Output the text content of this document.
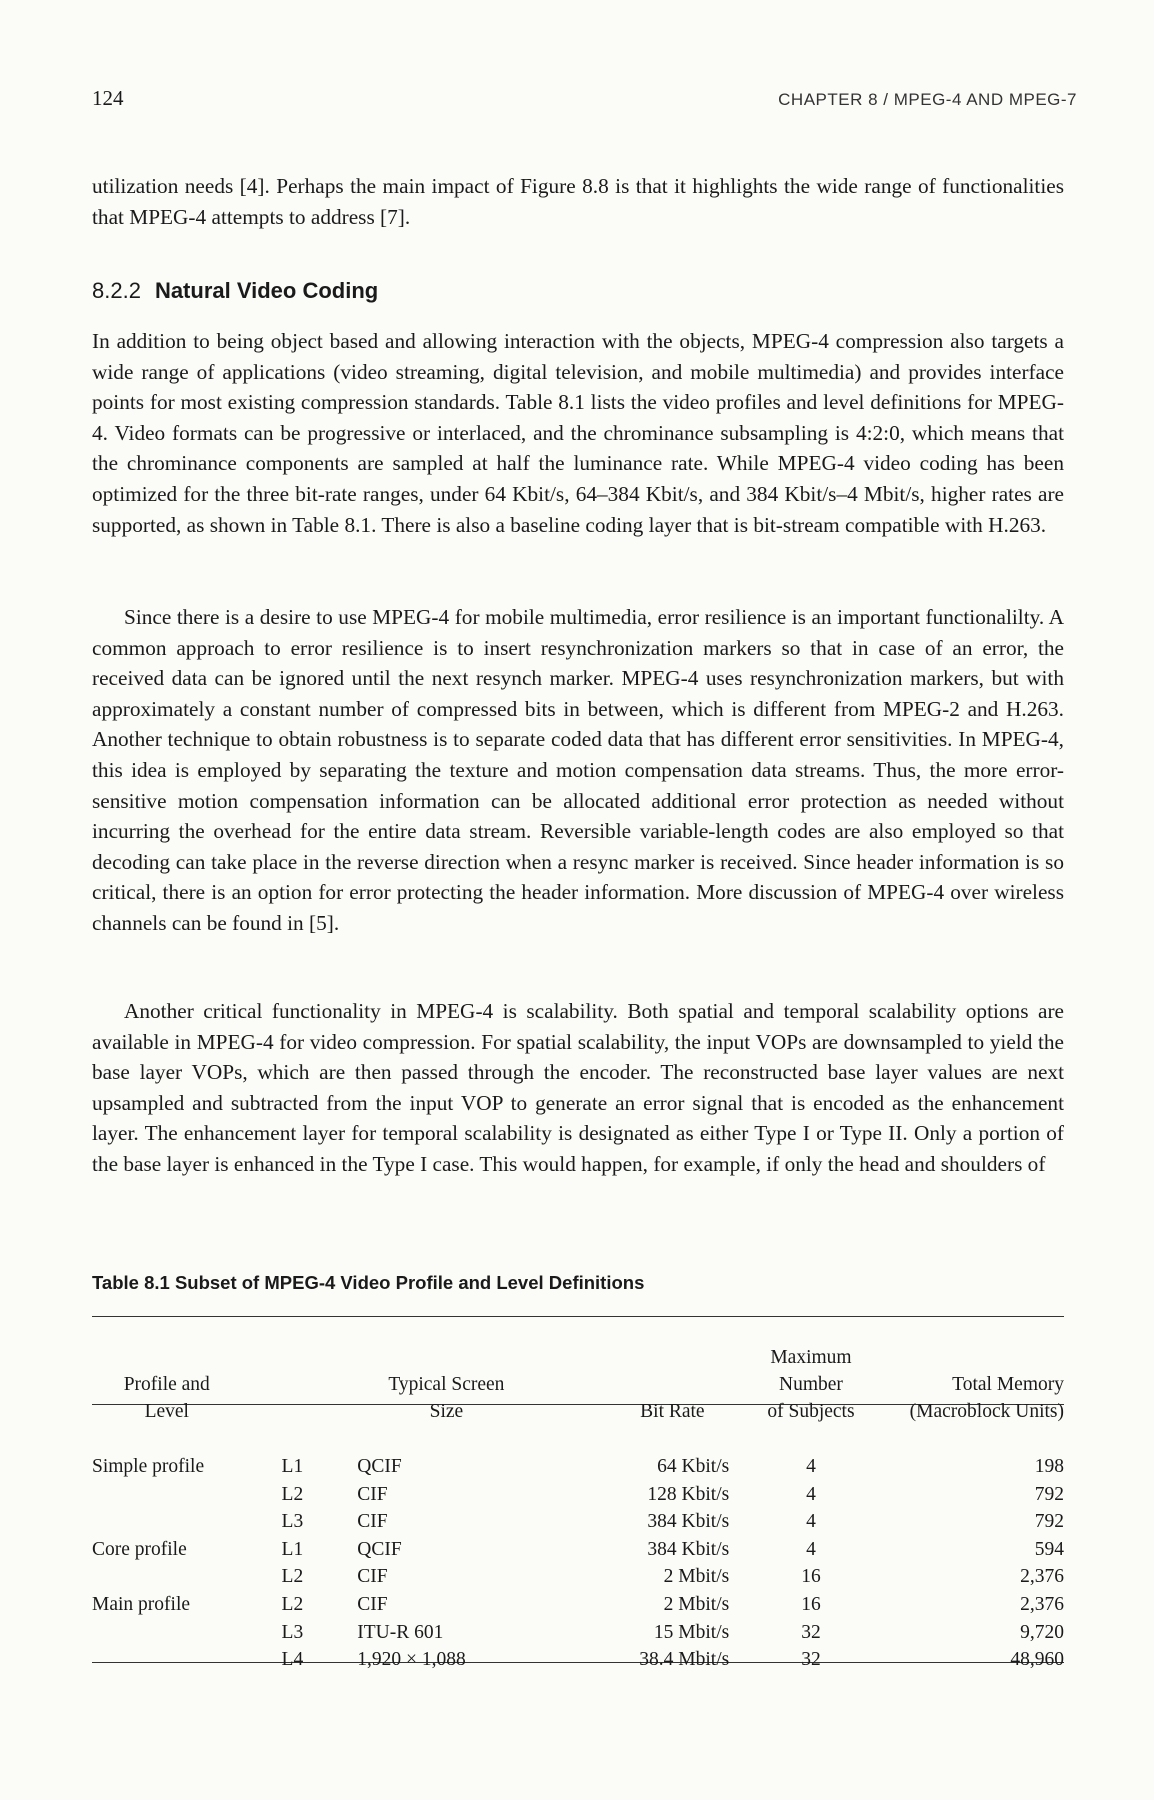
124	CHAPTER 8 / MPEG-4 AND MPEG-7

utilization needs [4]. Perhaps the main impact of Figure 8.8 is that it highlights the wide range of functionalities that MPEG-4 attempts to address [7].

8.2.2 Natural Video Coding

In addition to being object based and allowing interaction with the objects, MPEG-4 compression also targets a wide range of applications (video streaming, digital television, and mobile multimedia) and provides interface points for most existing compression standards. Table 8.1 lists the video profiles and level definitions for MPEG-4. Video formats can be progressive or interlaced, and the chrominance subsampling is 4:2:0, which means that the chrominance components are sampled at half the luminance rate. While MPEG-4 video coding has been optimized for the three bit-rate ranges, under 64 Kbit/s, 64–384 Kbit/s, and 384 Kbit/s–4 Mbit/s, higher rates are supported, as shown in Table 8.1. There is also a baseline coding layer that is bit-stream compatible with H.263.

Since there is a desire to use MPEG-4 for mobile multimedia, error resilience is an important functionalilty. A common approach to error resilience is to insert resynchronization markers so that in case of an error, the received data can be ignored until the next resynch marker. MPEG-4 uses resynchronization markers, but with approximately a constant number of compressed bits in between, which is different from MPEG-2 and H.263. Another technique to obtain robustness is to separate coded data that has different error sensitivities. In MPEG-4, this idea is employed by separating the texture and motion compensation data streams. Thus, the more error-sensitive motion compensation information can be allocated additional error protection as needed without incurring the overhead for the entire data stream. Reversible variable-length codes are also employed so that decoding can take place in the reverse direction when a resync marker is received. Since header information is so critical, there is an option for error protecting the header information. More discussion of MPEG-4 over wireless channels can be found in [5].

Another critical functionality in MPEG-4 is scalability. Both spatial and temporal scalability options are available in MPEG-4 for video compression. For spatial scalability, the input VOPs are downsampled to yield the base layer VOPs, which are then passed through the encoder. The reconstructed base layer values are next upsampled and subtracted from the input VOP to generate an error signal that is encoded as the enhancement layer. The enhancement layer for temporal scalability is designated as either Type I or Type II. Only a portion of the base layer is enhanced in the Type I case. This would happen, for example, if only the head and shoulders of

Table 8.1 Subset of MPEG-4 Video Profile and Level Definitions

Profile and
Level		Typical Screen
Size	Bit Rate	Maximum Number
of Subjects	Total Memory
(Macroblock Units)
Simple profile	L1	QCIF	64 Kbit/s	4	198
	L2	CIF	128 Kbit/s	4	792
	L3	CIF	384 Kbit/s	4	792
Core profile	L1	QCIF	384 Kbit/s	4	594
	L2	CIF	2 Mbit/s	16	2,376
Main profile	L2	CIF	2 Mbit/s	16	2,376
	L3	ITU-R 601	15 Mbit/s	32	9,720
	L4	1,920 × 1,088	38.4 Mbit/s	32	48,960
